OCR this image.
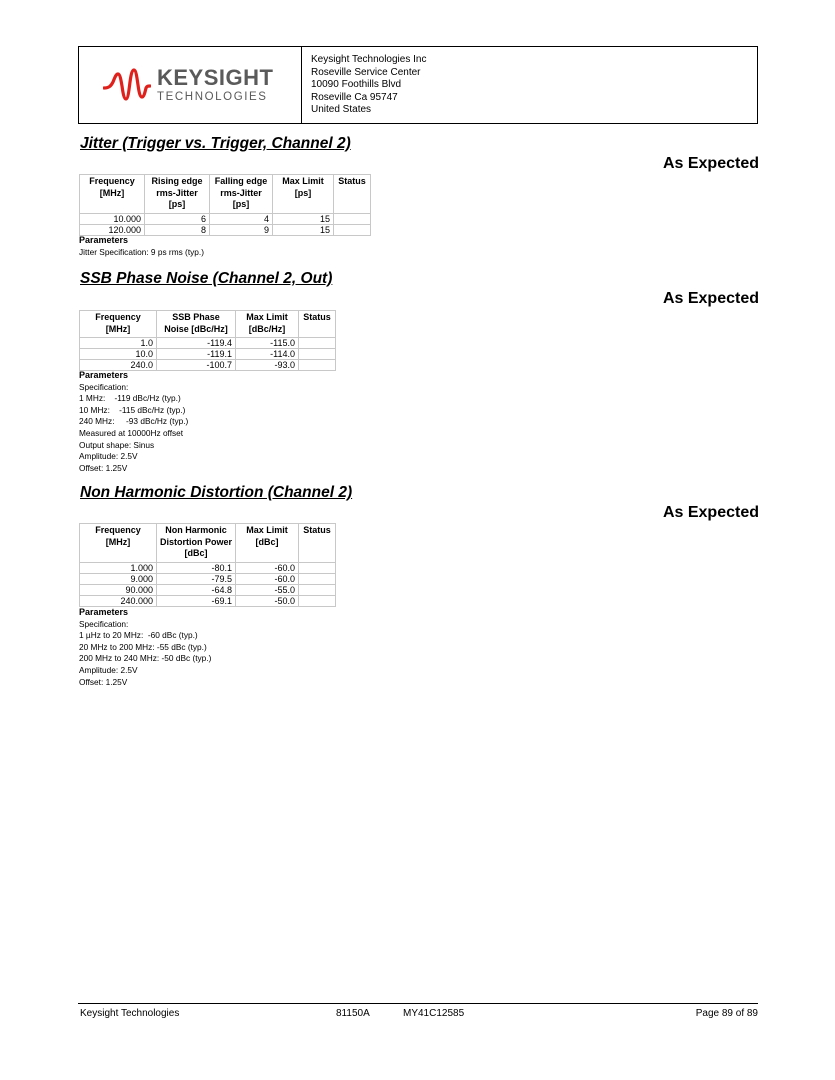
KEYSIGHT
TECHNOLOGIES
Keysight Technologies Inc
Roseville Service Center
10090 Foothills Blvd
Roseville Ca 95747
United States
Jitter (Trigger vs. Trigger, Channel 2)
As Expected
Frequency [MHz]	Rising edge rms-Jitter [ps]	Falling edge rms-Jitter [ps]	Max Limit [ps]	Status
10.000	6	4	15	
120.000	8	9	15	
Parameters
Jitter Specification: 9 ps rms (typ.)
SSB Phase Noise (Channel 2, Out)
As Expected
Frequency [MHz]	SSB Phase Noise [dBc/Hz]	Max Limit [dBc/Hz]	Status
1.0	-119.4	-115.0	
10.0	-119.1	-114.0	
240.0	-100.7	-93.0	
Parameters
Specification:
1 MHz:    -119 dBc/Hz (typ.)
10 MHz:    -115 dBc/Hz (typ.)
240 MHz:     -93 dBc/Hz (typ.)
Measured at 10000Hz offset
Output shape: Sinus
Amplitude: 2.5V
Offset: 1.25V
Non Harmonic Distortion (Channel 2)
As Expected
Frequency [MHz]	Non Harmonic Distortion Power [dBc]	Max Limit [dBc]	Status
1.000	-80.1	-60.0	
9.000	-79.5	-60.0	
90.000	-64.8	-55.0	
240.000	-69.1	-50.0	
Parameters
Specification:
1 µHz to 20 MHz:  -60 dBc (typ.)
20 MHz to 200 MHz: -55 dBc (typ.)
200 MHz to 240 MHz: -50 dBc (typ.)
Amplitude: 2.5V
Offset: 1.25V
Keysight Technologies	81150A	MY41C12585	Page 89 of 89
